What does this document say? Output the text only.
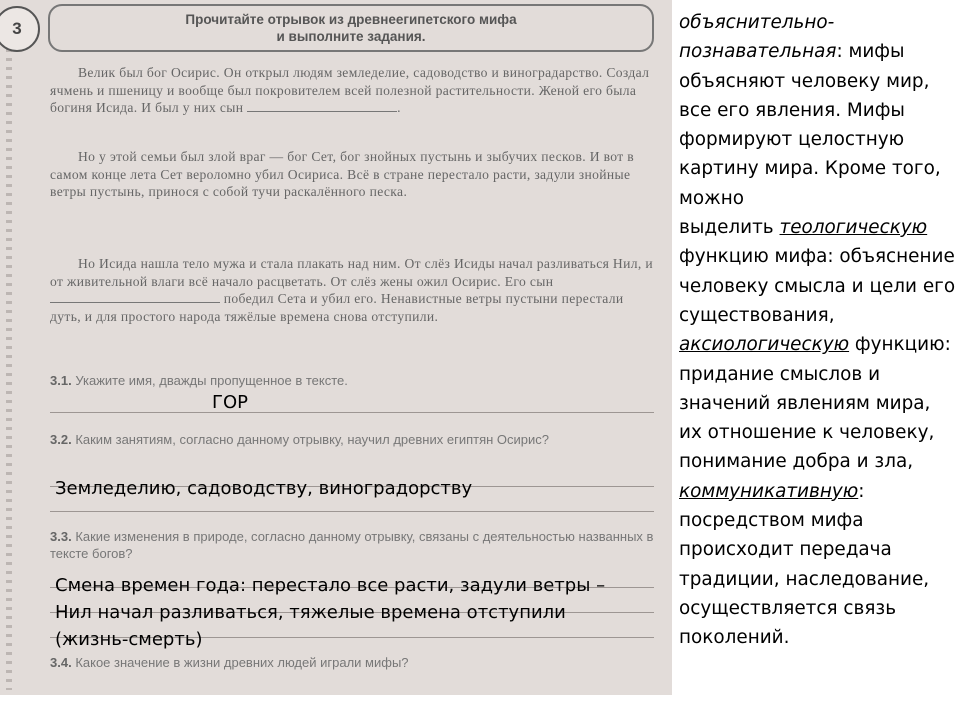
3	Прочитайте отрывок из древнеегипетского мифа
и выполните задания.

Велик был бог Осирис. Он открыл людям земледелие, садоводство и виноградарство. Создал ячмень и пшеницу и вообще был покровителем всей полезной растительности. Женой его была богиня Исида. И был у них сын	.

Но у этой семьи был злой враг — бог Сет, бог знойных пустынь и зыбучих песков. И вот в самом конце лета Сет вероломно убил Осириса. Всё в стране перестало расти, задули знойные ветры пустынь, принося с собой тучи раскалённого песка.

Но Исида нашла тело мужа и стала плакать над ним. От слёз Исиды начал разливаться Нил, и от живительной влаги всё начало расцветать. От слёз жены ожил Осирис. Его сын  победил Сета и убил его. Ненавистные ветры пустыни перестали дуть, и для простого народа тяжёлые времена снова отступили.

3.1. Укажите имя, дважды пропущенное в тексте.
3.2. Каким занятиям, согласно данному отрывку, научил древних египтян Осирис?
3.3. Какие изменения в природе, согласно данному отрывку, связаны с деятельностью названных в тексте богов?
3.4. Какое значение в жизни древних людей играли мифы?
ГОР
Земледелию, садоводству, виноградорству
Смена времен года: перестало все расти, задули ветры –
Нил начал разливаться, тяжелые времена отступили
(жизнь-смерть)
объяснительно-познавательная: мифы объясняют человеку мир, все его явления. Мифы формируют целостную картину мира. Кроме того, можно
выделить теологическую функцию мифа: объяснение человеку смысла и цели его существования, аксиологическую функцию: придание смыслов и значений явлениям мира, их отношение к человеку, понимание добра и зла, коммуникативную: посредством мифа происходит передача традиции, наследование, осуществляется связь поколений.
